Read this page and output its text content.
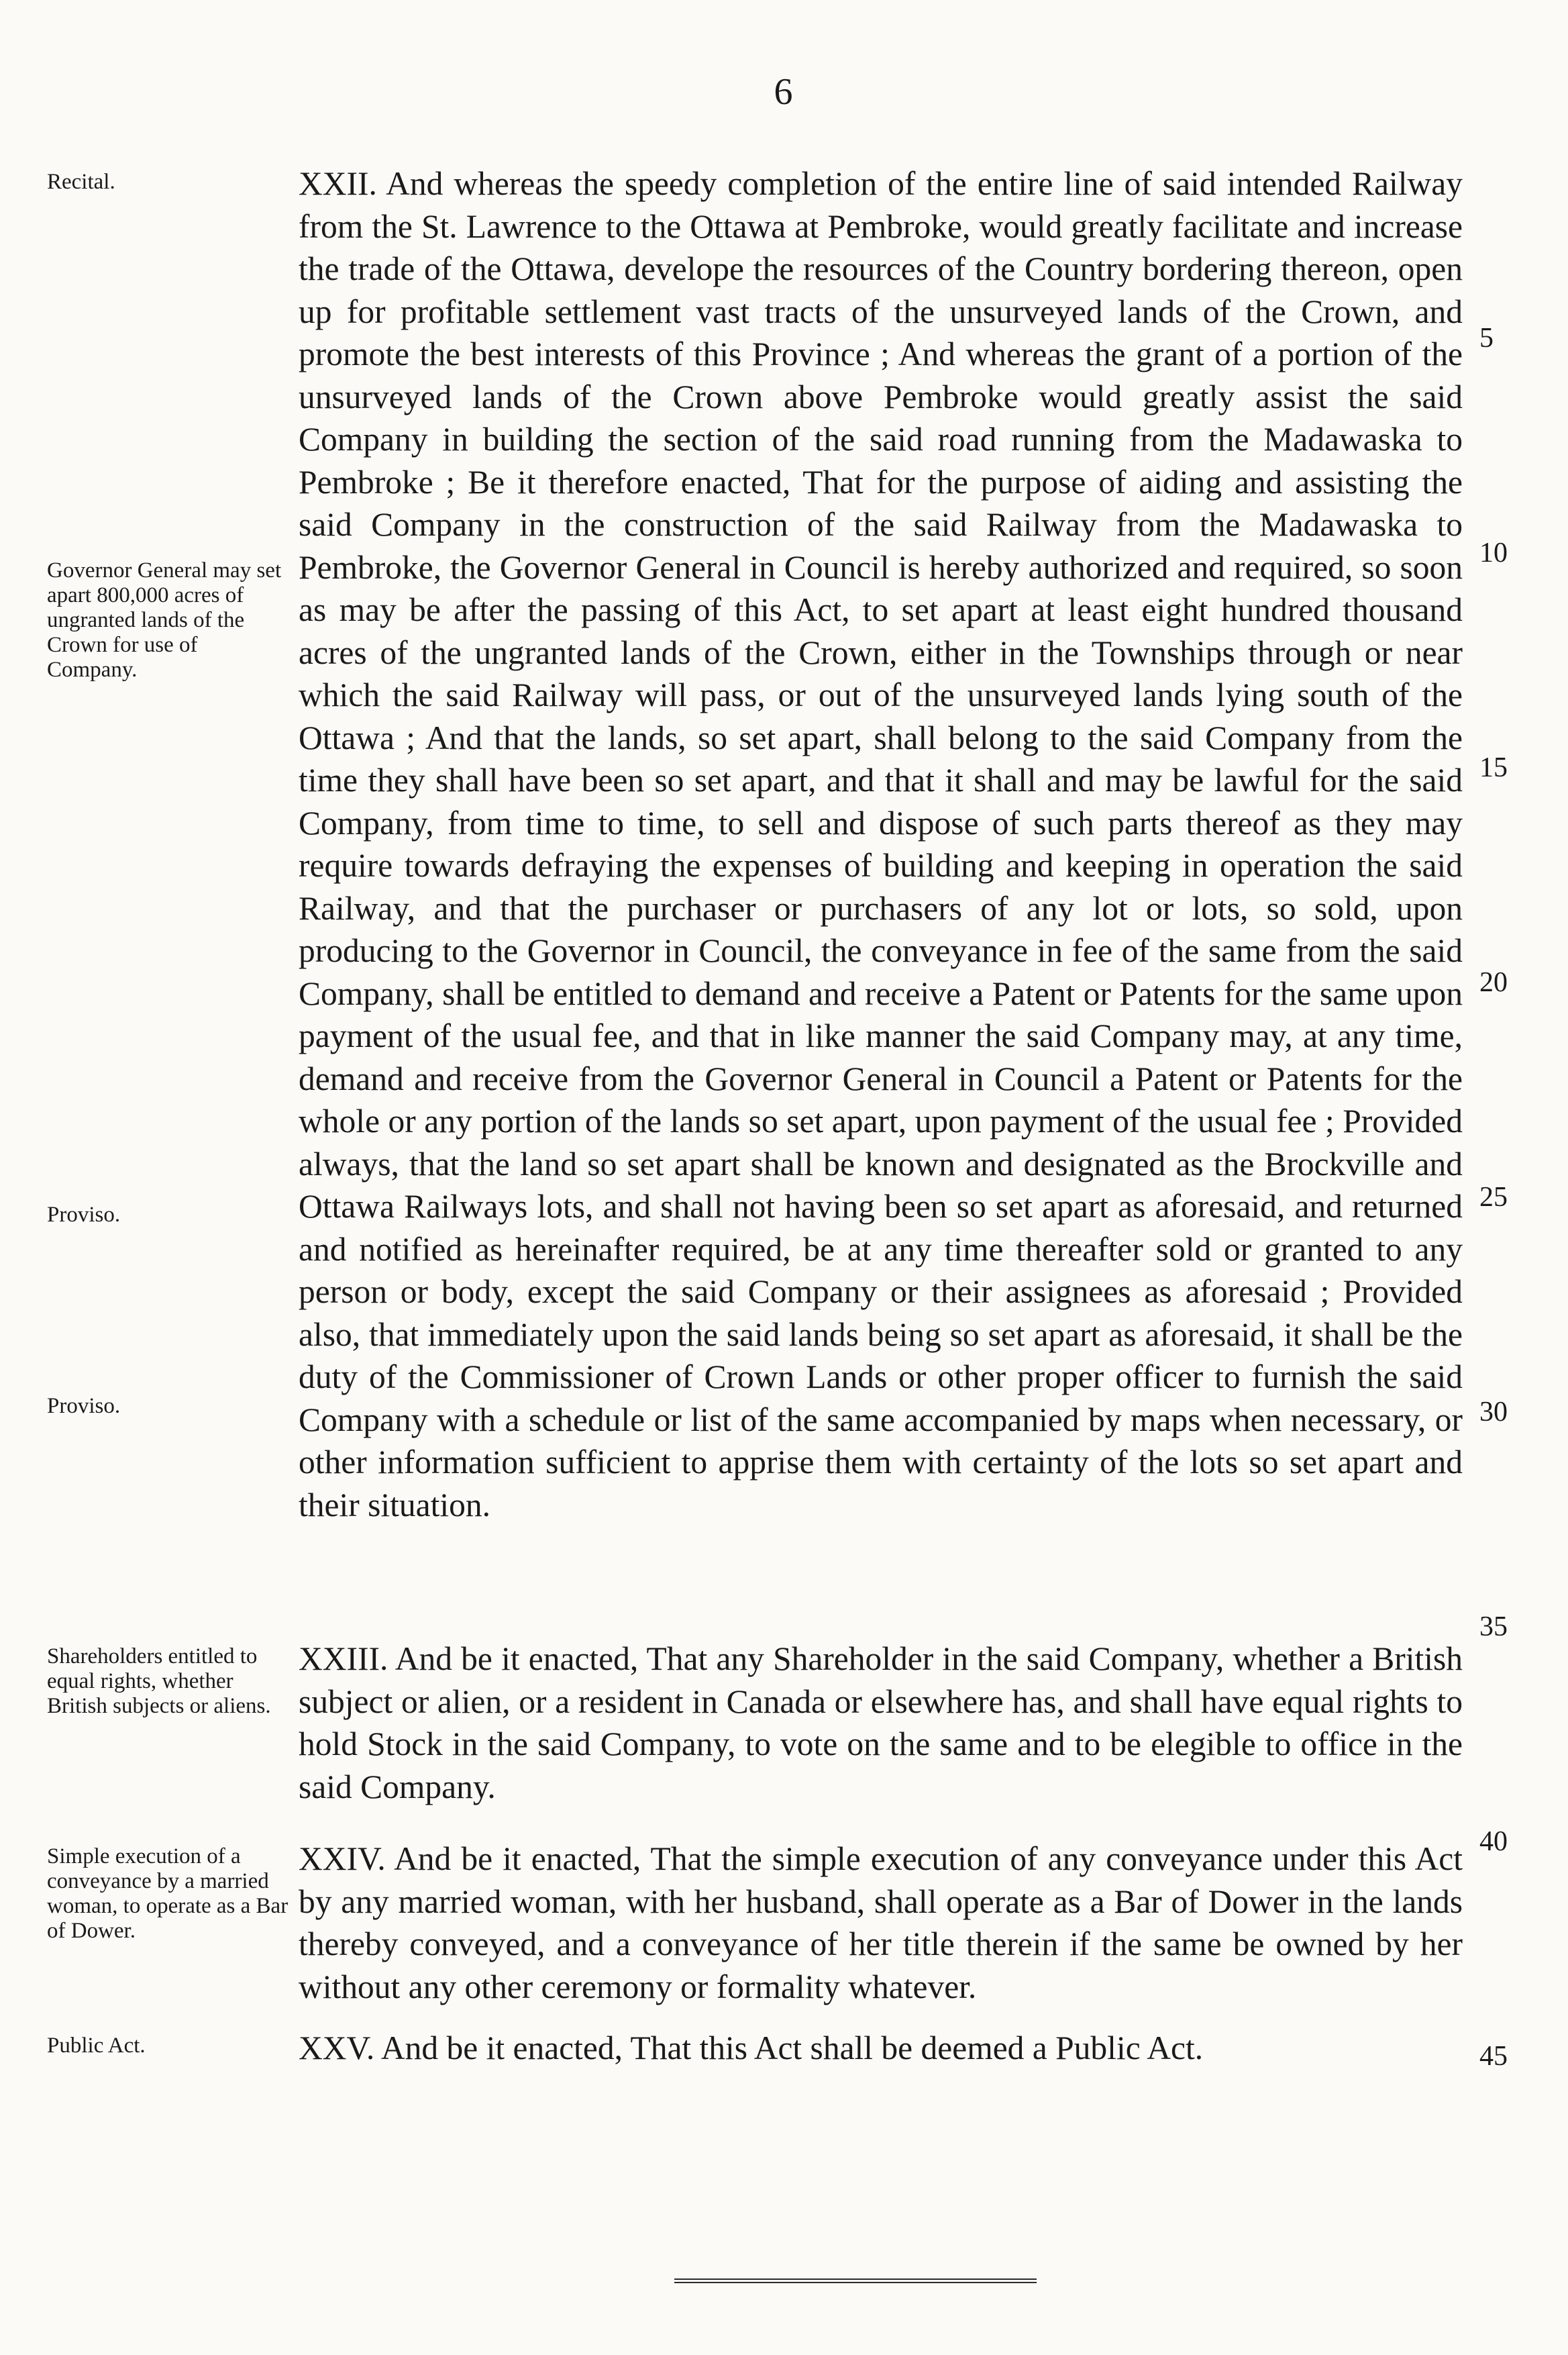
6
Recital.
Governor General may set apart 800,000 acres of ungranted lands of the Crown for use of Company.
Proviso.
Proviso.
Shareholders entitled to equal rights, whether British subjects or aliens.
Simple execution of a conveyance by a married woman, to operate as a Bar of Dower.
Public Act.

XXII. And whereas the speedy completion of the entire line of said intended Railway from the St. Lawrence to the Ottawa at Pembroke, would greatly facilitate and increase the trade of the Ottawa, develope the resources of the Country bordering thereon, open up for profitable settlement vast tracts of the unsurveyed lands of the Crown, and promote the best interests of this Province ; And whereas the grant of a portion of the unsurveyed lands of the Crown above Pembroke would greatly assist the said Company in building the section of the said road running from the Madawaska to Pembroke ; Be it therefore enacted, That for the purpose of aiding and assisting the said Company in the construction of the said Railway from the Madawaska to Pembroke, the Governor General in Council is hereby authorized and required, so soon as may be after the passing of this Act, to set apart at least eight hundred thousand acres of the ungranted lands of the Crown, either in the Townships through or near which the said Railway will pass, or out of the unsurveyed lands lying south of the Ottawa ; And that the lands, so set apart, shall belong to the said Company from the time they shall have been so set apart, and that it shall and may be lawful for the said Company, from time to time, to sell and dispose of such parts thereof as they may require towards defraying the expenses of building and keeping in operation the said Railway, and that the purchaser or purchasers of any lot or lots, so sold, upon producing to the Governor in Council, the conveyance in fee of the same from the said Company, shall be entitled to demand and receive a Patent or Patents for the same upon payment of the usual fee, and that in like manner the said Company may, at any time, demand and receive from the Governor General in Council a Patent or Patents for the whole or any portion of the lands so set apart, upon payment of the usual fee ; Provided always, that the land so set apart shall be known and designated as the Brockville and Ottawa Railways lots, and shall not having been so set apart as aforesaid, and returned and notified as hereinafter required, be at any time thereafter sold or granted to any person or body, except the said Company or their assignees as aforesaid ; Provided also, that immediately upon the said lands being so set apart as aforesaid, it shall be the duty of the Commissioner of Crown Lands or other proper officer to furnish the said Company with a schedule or list of the same accompanied by maps when necessary, or other information sufficient to apprise them with certainty of the lots so set apart and their situation.

XXIII. And be it enacted, That any Shareholder in the said Company, whether a British subject or alien, or a resident in Canada or elsewhere has, and shall have equal rights to hold Stock in the said Company, to vote on the same and to be elegible to office in the said Company.

XXIV. And be it enacted, That the simple execution of any conveyance under this Act by any married woman, with her husband, shall operate as a Bar of Dower in the lands thereby conveyed, and a conveyance of her title therein if the same be owned by her without any other ceremony or formality whatever.

XXV. And be it enacted, That this Act shall be deemed a Public Act.

5
10
15
20
25
30
35
40
45
